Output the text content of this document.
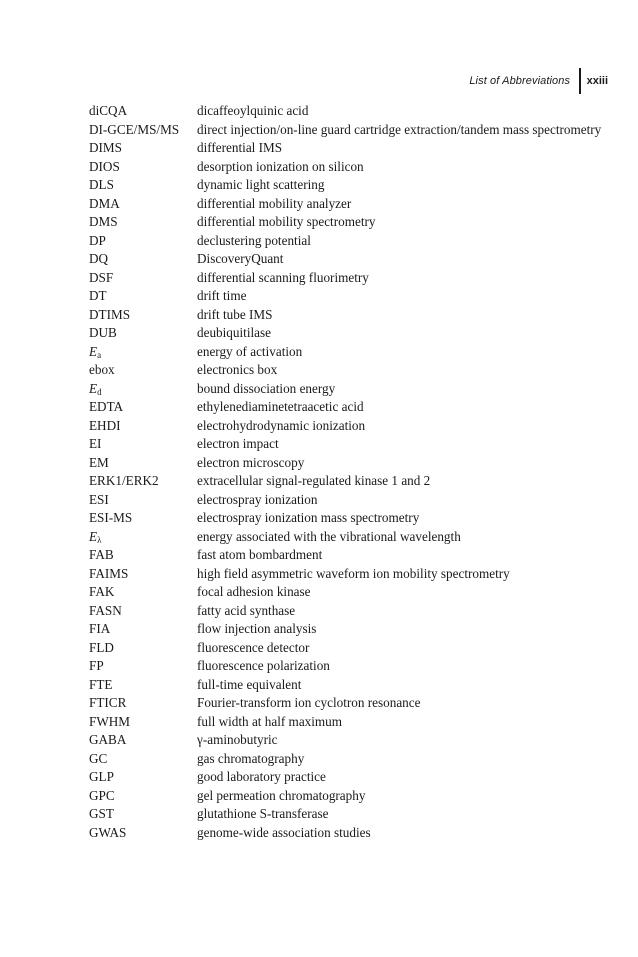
List of Abbreviations xxiii
diCQA	dicaffeoylquinic acid
DI-GCE/MS/MS	direct injection/on-line guard cartridge extraction/tandem mass spectrometry
DIMS	differential IMS
DIOS	desorption ionization on silicon
DLS	dynamic light scattering
DMA	differential mobility analyzer
DMS	differential mobility spectrometry
DP	declustering potential
DQ	DiscoveryQuant
DSF	differential scanning fluorimetry
DT	drift time
DTIMS	drift tube IMS
DUB	deubiquitilase
$E_a$	energy of activation
ebox	electronics box
$E_d$	bound dissociation energy
EDTA	ethylenediaminetetraacetic acid
EHDI	electrohydrodynamic ionization
EI	electron impact
EM	electron microscopy
ERK1/ERK2	extracellular signal-regulated kinase 1 and 2
ESI	electrospray ionization
ESI-MS	electrospray ionization mass spectrometry
$E_\lambda$	energy associated with the vibrational wavelength
FAB	fast atom bombardment
FAIMS	high field asymmetric waveform ion mobility spectrometry
FAK	focal adhesion kinase
FASN	fatty acid synthase
FIA	flow injection analysis
FLD	fluorescence detector
FP	fluorescence polarization
FTE	full-time equivalent
FTICR	Fourier-transform ion cyclotron resonance
FWHM	full width at half maximum
GABA	γ-aminobutyric
GC	gas chromatography
GLP	good laboratory practice
GPC	gel permeation chromatography
GST	glutathione S-transferase
GWAS	genome-wide association studies
